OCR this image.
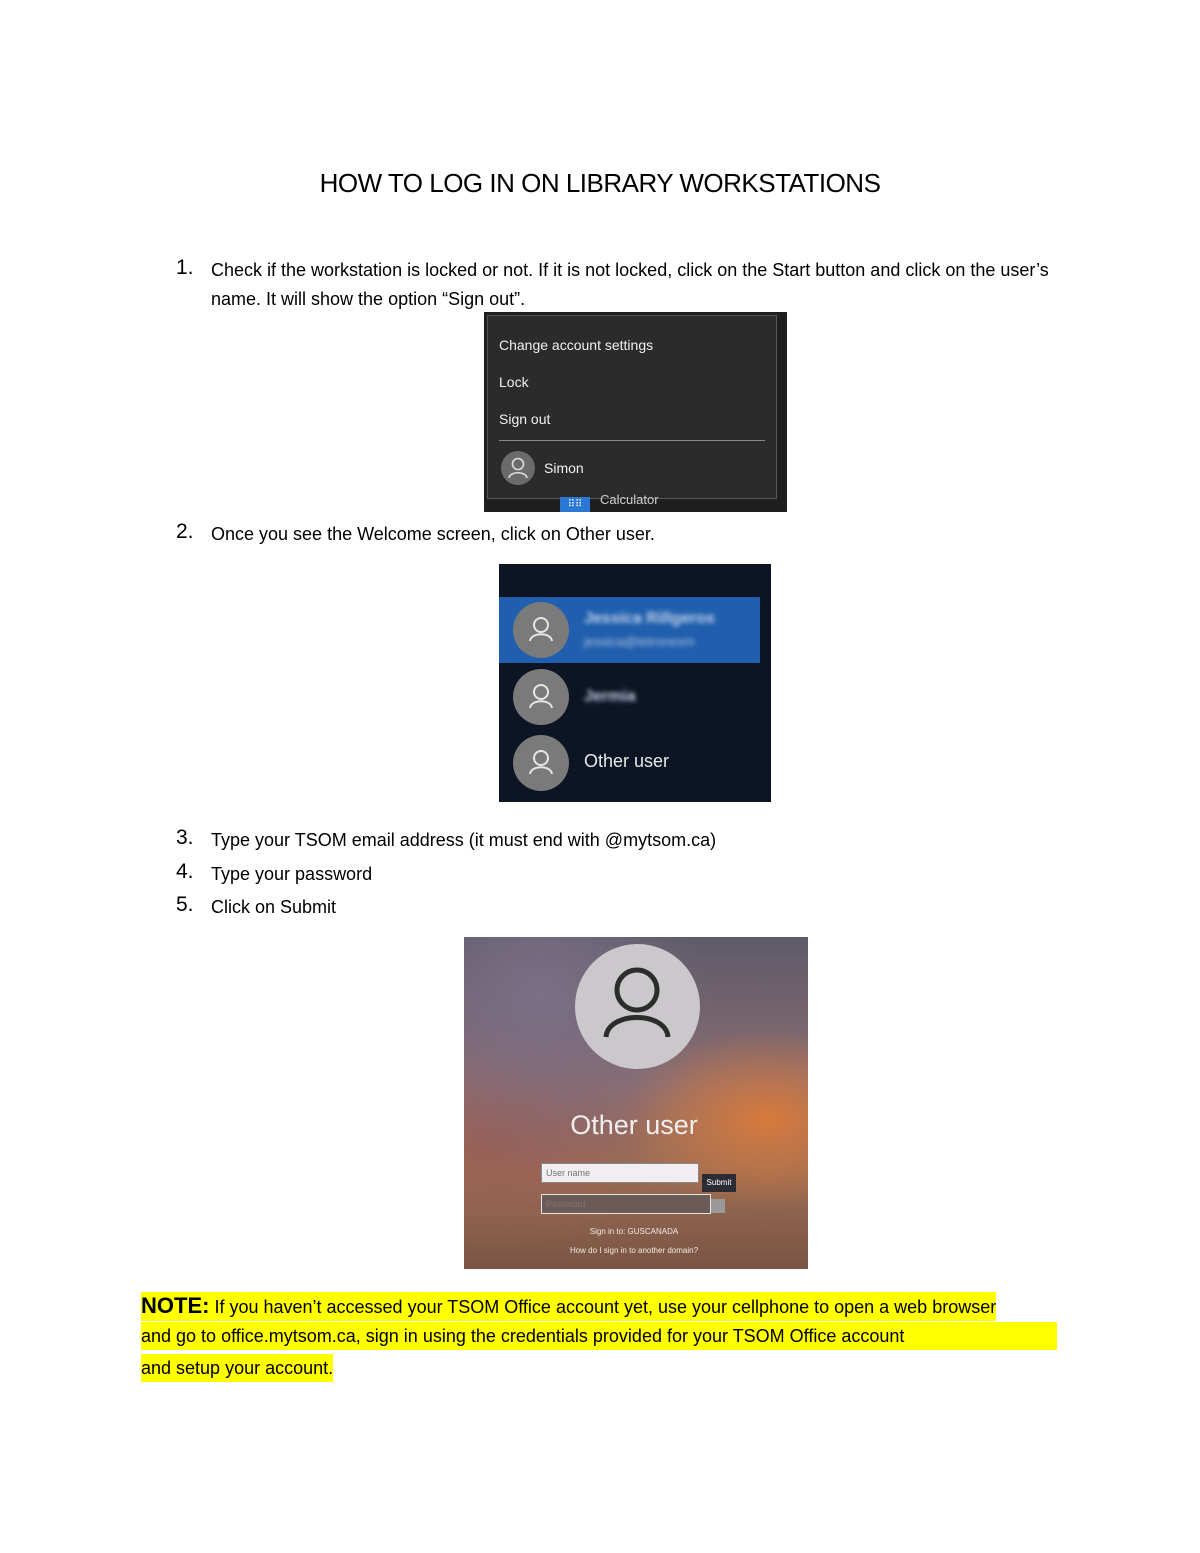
HOW TO LOG IN ON LIBRARY WORKSTATIONS
1. Check if the workstation is locked or not. If it is not locked, click on the Start button and click on the user’s name. It will show the option “Sign out”.
Change account settings
Lock
Sign out
Simon
⠿⠿	Calculator
2. Once you see the Welcome screen, click on Other user.
Jessica Rillgeros
jessica@tetronexm
Jermia
Other user
3. Type your TSOM email address (it must end with @mytsom.ca)
4. Type your password
5. Click on Submit
Other user
User name
Submit
Password
Sign in to: GUSCANADA
How do I sign in to another domain?
NOTE: If you haven’t accessed your TSOM Office account yet, use your cellphone to open a web browser
and go to office.mytsom.ca, sign in using the credentials provided for your TSOM Office account
and setup your account.
